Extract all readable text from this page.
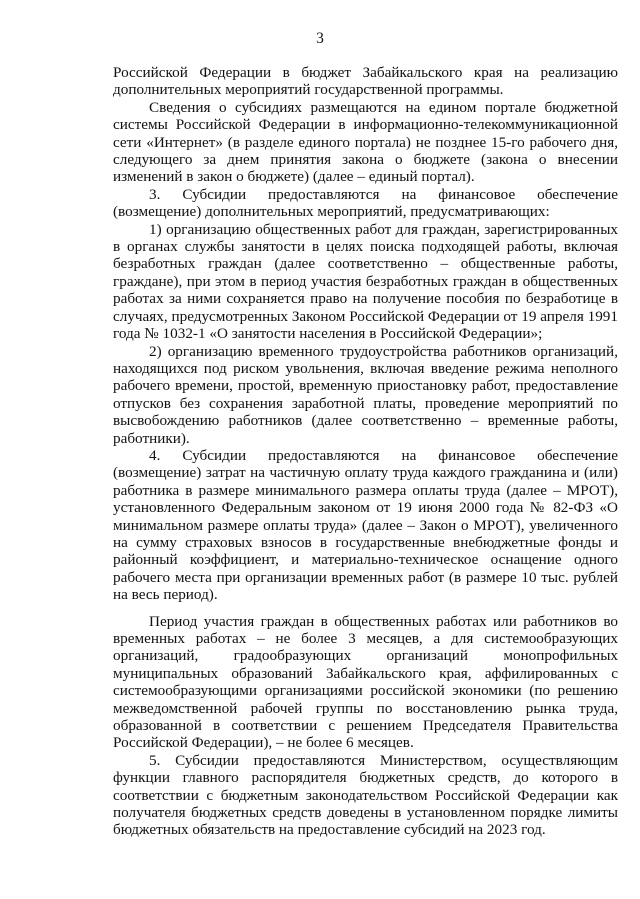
3

Российской Федерации в бюджет Забайкальского края на реализацию дополнительных мероприятий государственной программы.

Сведения о субсидиях размещаются на едином портале бюджетной системы Российской Федерации в информационно-телекоммуникационной сети «Интернет» (в разделе единого портала) не позднее 15-го рабочего дня, следующего за днем принятия закона о бюджете (закона о внесении изменений в закон о бюджете) (далее – единый портал).

3. Субсидии предоставляются на финансовое обеспечение (возмещение) дополнительных мероприятий, предусматривающих:

1) организацию общественных работ для граждан, зарегистрированных в органах службы занятости в целях поиска подходящей работы, включая безработных граждан (далее соответственно – общественные работы, граждане), при этом в период участия безработных граждан в общественных работах за ними сохраняется право на получение пособия по безработице в случаях, предусмотренных Законом Российской Федерации от 19 апреля 1991 года № 1032-1 «О занятости населения в Российской Федерации»;

2) организацию временного трудоустройства работников организаций, находящихся под риском увольнения, включая введение режима неполного рабочего времени, простой, временную приостановку работ, предоставление отпусков без сохранения заработной платы, проведение мероприятий по высвобождению работников (далее соответственно – временные работы, работники).

4. Субсидии предоставляются на финансовое обеспечение (возмещение) затрат на частичную оплату труда каждого гражданина и (или) работника в размере минимального размера оплаты труда (далее – МРОТ), установленного Федеральным законом от 19 июня 2000 года № 82-ФЗ «О минимальном размере оплаты труда» (далее – Закон о МРОТ), увеличенного на сумму страховых взносов в государственные внебюджетные фонды и районный коэффициент, и материально-техническое оснащение одного рабочего места при организации временных работ (в размере 10 тыс. рублей на весь период).

Период участия граждан в общественных работах или работников во временных работах – не более 3 месяцев, а для системообразующих организаций, градообразующих организаций монопрофильных муниципальных образований Забайкальского края, аффилированных с системообразующими организациями российской экономики (по решению межведомственной рабочей группы по восстановлению рынка труда, образованной в соответствии с решением Председателя Правительства Российской Федерации), – не более 6 месяцев.

5. Субсидии предоставляются Министерством, осуществляющим функции главного распорядителя бюджетных средств, до которого в соответствии с бюджетным законодательством Российской Федерации как получателя бюджетных средств доведены в установленном порядке лимиты бюджетных обязательств на предоставление субсидий на 2023 год.
